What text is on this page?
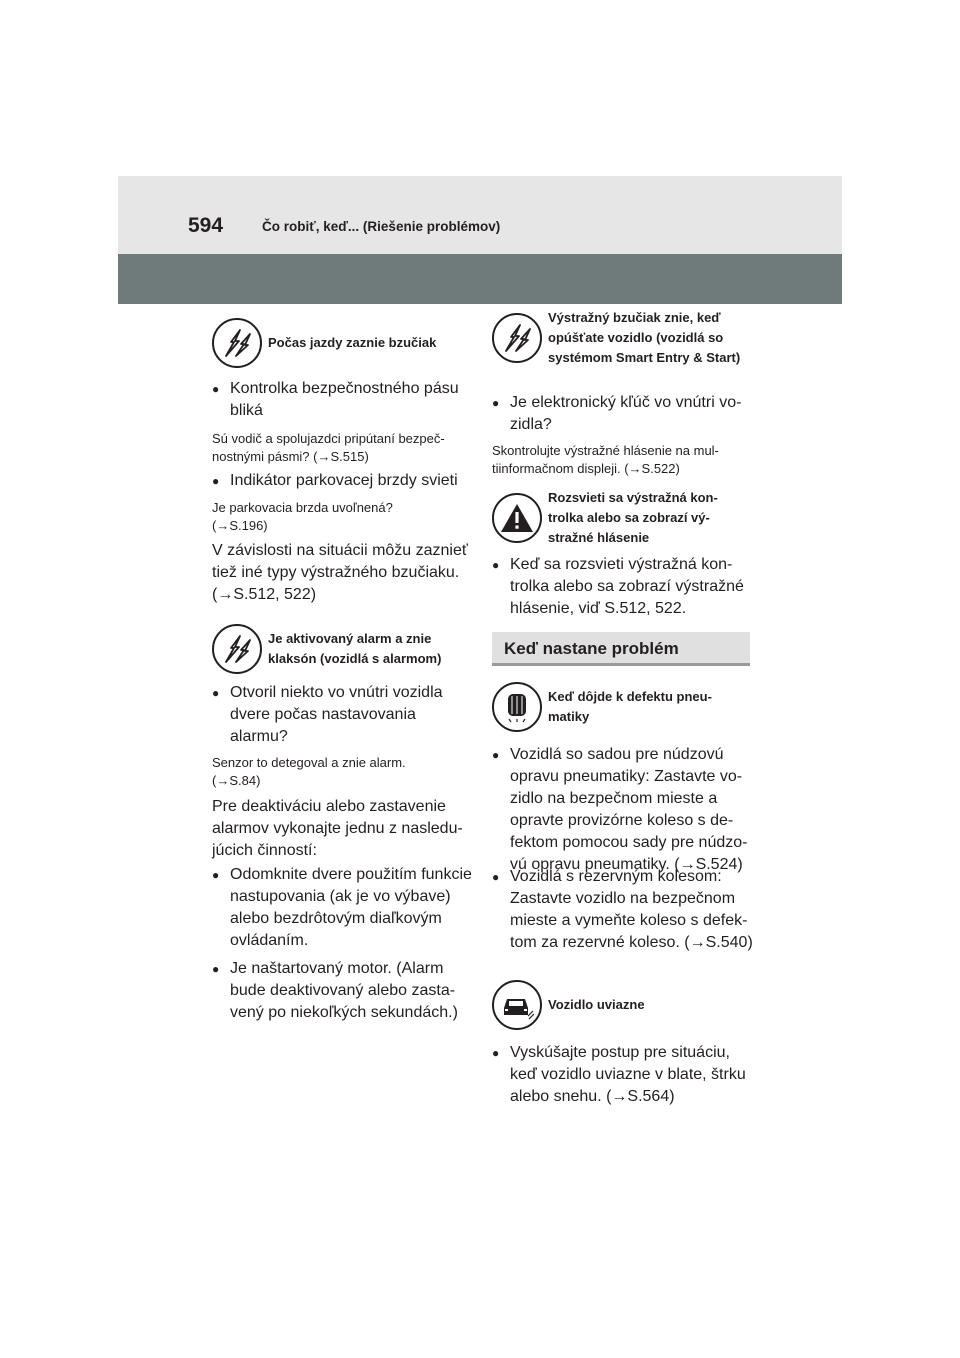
594	Čo robiť, keď... (Riešenie problémov)
Počas jazdy zaznie bzučiak
● Kontrolka bezpečnostného pásu bliká
Sú vodič a spolujazdci pripútaní bezpeč-nostnými pásmi? (→S.515)
● Indikátor parkovacej brzdy svieti
Je parkovacia brzda uvoľnená? (→S.196)
V závislosti na situácii môžu zaznieť tiež iné typy výstražného bzučiaku. (→S.512, 522)
Je aktivovaný alarm a znie klaksón (vozidlá s alarmom)
● Otvoril niekto vo vnútri vozidla dvere počas nastavovania alarmu?
Senzor to detegoval a znie alarm. (→S.84)
Pre deaktiváciu alebo zastavenie alarmov vykonajte jednu z nasledu-júcich činností:
● Odomknite dvere použitím funkcie nastupovania (ak je vo výbave) alebo bezdrôtovým diaľkovým ovládaním.
● Je naštartovaný motor. (Alarm bude deaktivovaný alebo zasta-vený po niekoľkých sekundách.)
Výstražný bzučiak znie, keď opúšťate vozidlo (vozidlá so systémom Smart Entry & Start)
● Je elektronický kľúč vo vnútri vo-zidla?
Skontrolujte výstražné hlásenie na mul-tiinformačnom displeji. (→S.522)
Rozsvieti sa výstražná kon-trolka alebo sa zobrazí vý-stražné hlásenie
● Keď sa rozsvieti výstražná kon-trolka alebo sa zobrazí výstražné hlásenie, viď S.512, 522.
Keď nastane problém
Keď dôjde k defektu pneu-matiky
● Vozidlá so sadou pre núdzovú opravu pneumatiky: Zastavte vo-zidlo na bezpečnom mieste a opravte provizórne koleso s de-fektom pomocou sady pre núdzo-vú opravu pneumatiky. (→S.524)
● Vozidlá s rezervným kolesom: Zastavte vozidlo na bezpečnom mieste a vymeňte koleso s defek-tom za rezervné koleso. (→S.540)
Vozidlo uviazne
● Vyskúšajte postup pre situáciu, keď vozidlo uviazne v blate, štrku alebo snehu. (→S.564)
